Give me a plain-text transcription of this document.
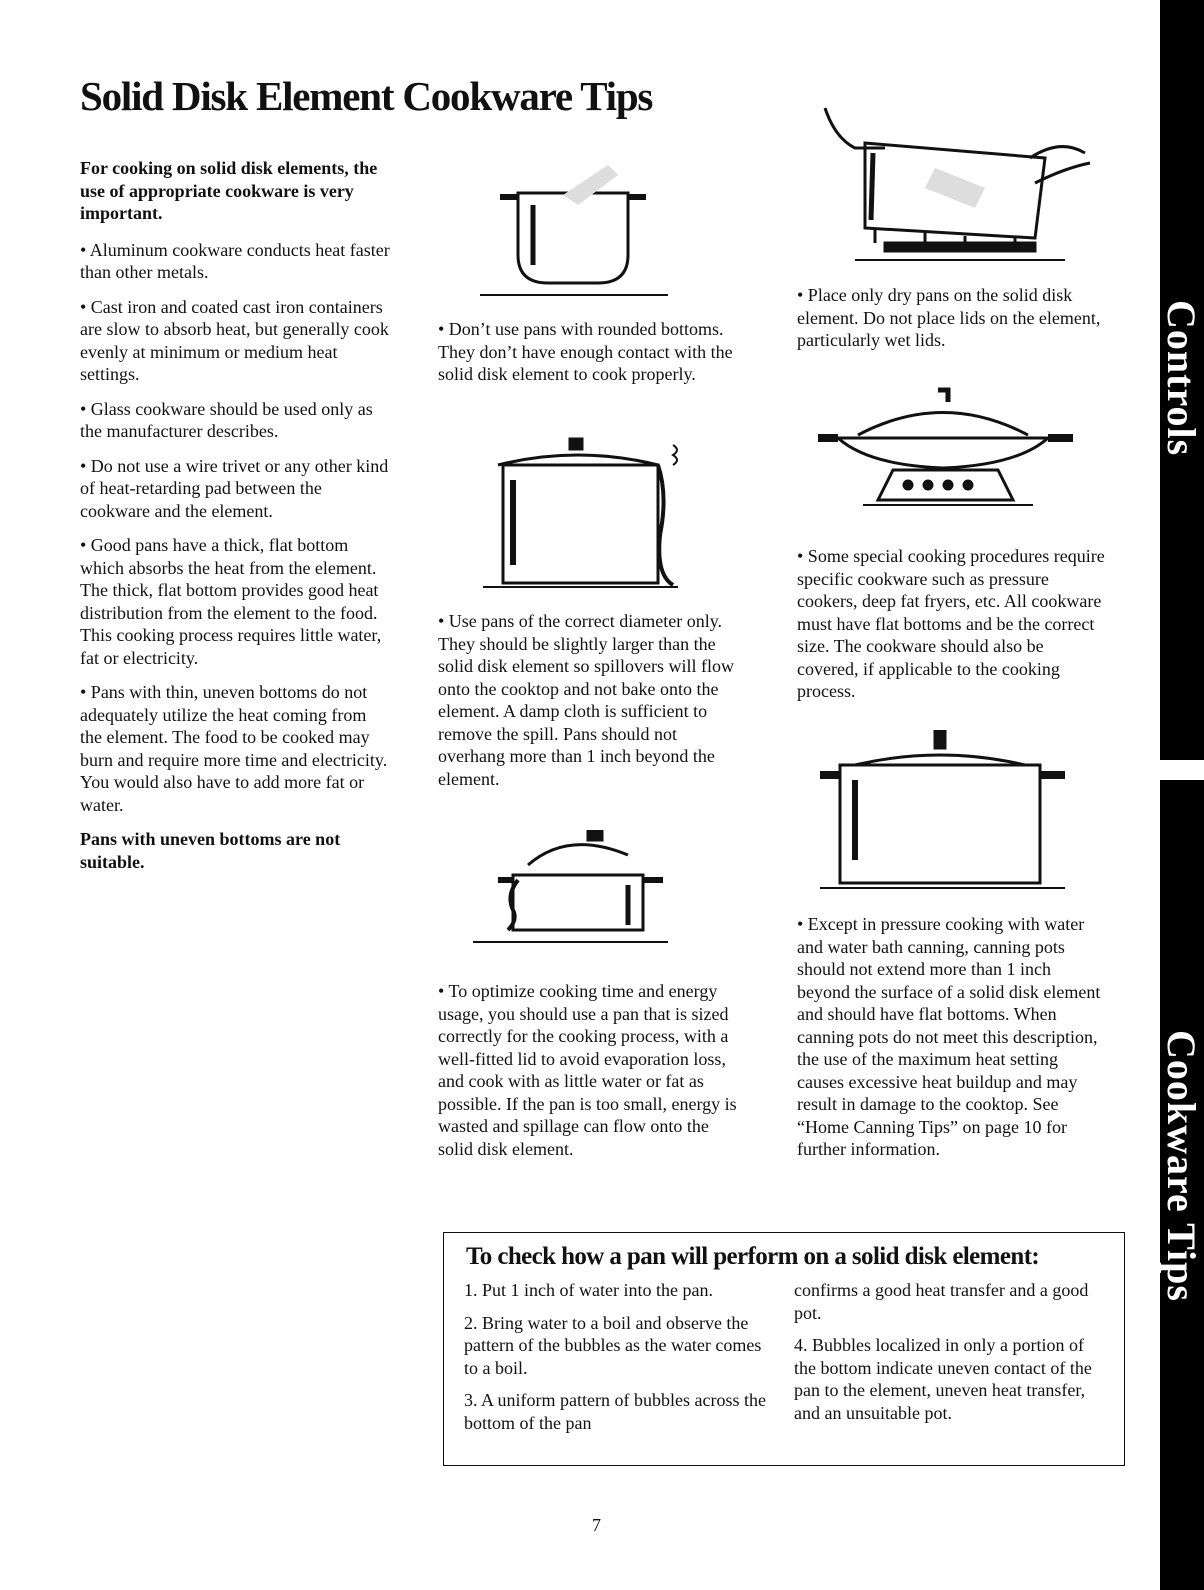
Solid Disk Element Cookware Tips

For cooking on solid disk elements, the use of appropriate cookware is very important.

• Aluminum cookware conducts heat faster than other metals.

• Cast iron and coated cast iron containers are slow to absorb heat, but generally cook evenly at minimum or medium heat settings.

• Glass cookware should be used only as the manufacturer describes.

• Do not use a wire trivet or any other kind of heat-retarding pad between the cookware and the element.

• Good pans have a thick, flat bottom which absorbs the heat from the element. The thick, flat bottom provides good heat distribution from the element to the food. This cooking process requires little water, fat or electricity.

• Pans with thin, uneven bottoms do not adequately utilize the heat coming from the element. The food to be cooked may burn and require more time and electricity. You would also have to add more fat or water.

Pans with uneven bottoms are not suitable.

• Don’t use pans with rounded bottoms. They don’t have enough contact with the solid disk element to cook properly.

• Use pans of the correct diameter only. They should be slightly larger than the solid disk element so spillovers will flow onto the cooktop and not bake onto the element. A damp cloth is sufficient to remove the spill. Pans should not overhang more than 1 inch beyond the element.

• To optimize cooking time and energy usage, you should use a pan that is sized correctly for the cooking process, with a well-fitted lid to avoid evaporation loss, and cook with as little water or fat as possible. If the pan is too small, energy is wasted and spillage can flow onto the solid disk element.

• Place only dry pans on the solid disk element. Do not place lids on the element, particularly wet lids.

• Some special cooking procedures require specific cookware such as pressure cookers, deep fat fryers, etc. All cookware must have flat bottoms and be the correct size. The cookware should also be covered, if applicable to the cooking process.

• Except in pressure cooking with water and water bath canning, canning pots should not extend more than 1 inch beyond the surface of a solid disk element and should have flat bottoms. When canning pots do not meet this description, the use of the maximum heat setting causes excessive heat buildup and may result in damage to the cooktop. See “Home Canning Tips” on page 10 for further information.

To check how a pan will perform on a solid disk element:

1. Put 1 inch of water into the pan.

2. Bring water to a boil and observe the pattern of the bubbles as the water comes to a boil.

3. A uniform pattern of bubbles across the bottom of the pan

confirms a good heat transfer and a good pot.

4. Bubbles localized in only a portion of the bottom indicate uneven contact of the pan to the element, uneven heat transfer, and an unsuitable pot.

7
Controls
Cookware Tips
